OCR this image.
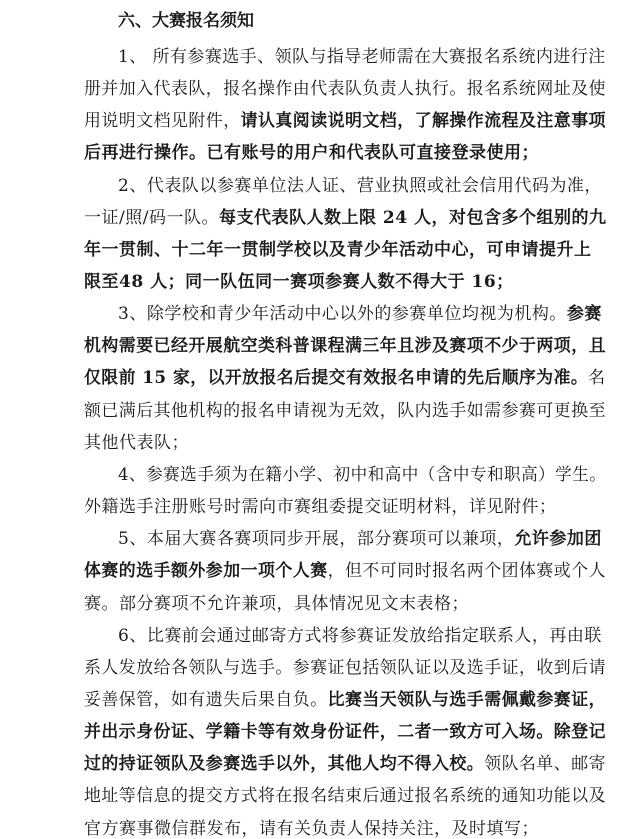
六、大赛报名须知
1、 所有参赛选手、领队与指导老师需在大赛报名系统内进行注
册并加入代表队，报名操作由代表队负责人执行。报名系统网址及使
用说明文档见附件，请认真阅读说明文档，了解操作流程及注意事项
后再进行操作。已有账号的用户和代表队可直接登录使用；
2、代表队以参赛单位法人证、营业执照或社会信用代码为准，
一证/照/码一队。每支代表队人数上限 24 人，对包含多个组别的九
年一贯制、十二年一贯制学校以及青少年活动中心，可申请提升上
限至48 人；同一队伍同一赛项参赛人数不得大于 16；
3、除学校和青少年活动中心以外的参赛单位均视为机构。参赛
机构需要已经开展航空类科普课程满三年且涉及赛项不少于两项，且
仅限前 15 家，以开放报名后提交有效报名申请的先后顺序为准。名
额已满后其他机构的报名申请视为无效，队内选手如需参赛可更换至
其他代表队；
4、参赛选手须为在籍小学、初中和高中（含中专和职高）学生。
外籍选手注册账号时需向市赛组委提交证明材料，详见附件；
5、本届大赛各赛项同步开展，部分赛项可以兼项，允许参加团
体赛的选手额外参加一项个人赛，但不可同时报名两个团体赛或个人
赛。部分赛项不允许兼项，具体情况见文末表格；
6、比赛前会通过邮寄方式将参赛证发放给指定联系人，再由联
系人发放给各领队与选手。参赛证包括领队证以及选手证，收到后请
妥善保管，如有遗失后果自负。比赛当天领队与选手需佩戴参赛证，
并出示身份证、学籍卡等有效身份证件，二者一致方可入场。除登记
过的持证领队及参赛选手以外，其他人均不得入校。领队名单、邮寄
地址等信息的提交方式将在报名结束后通过报名系统的通知功能以及
官方赛事微信群发布，请有关负责人保持关注，及时填写；
